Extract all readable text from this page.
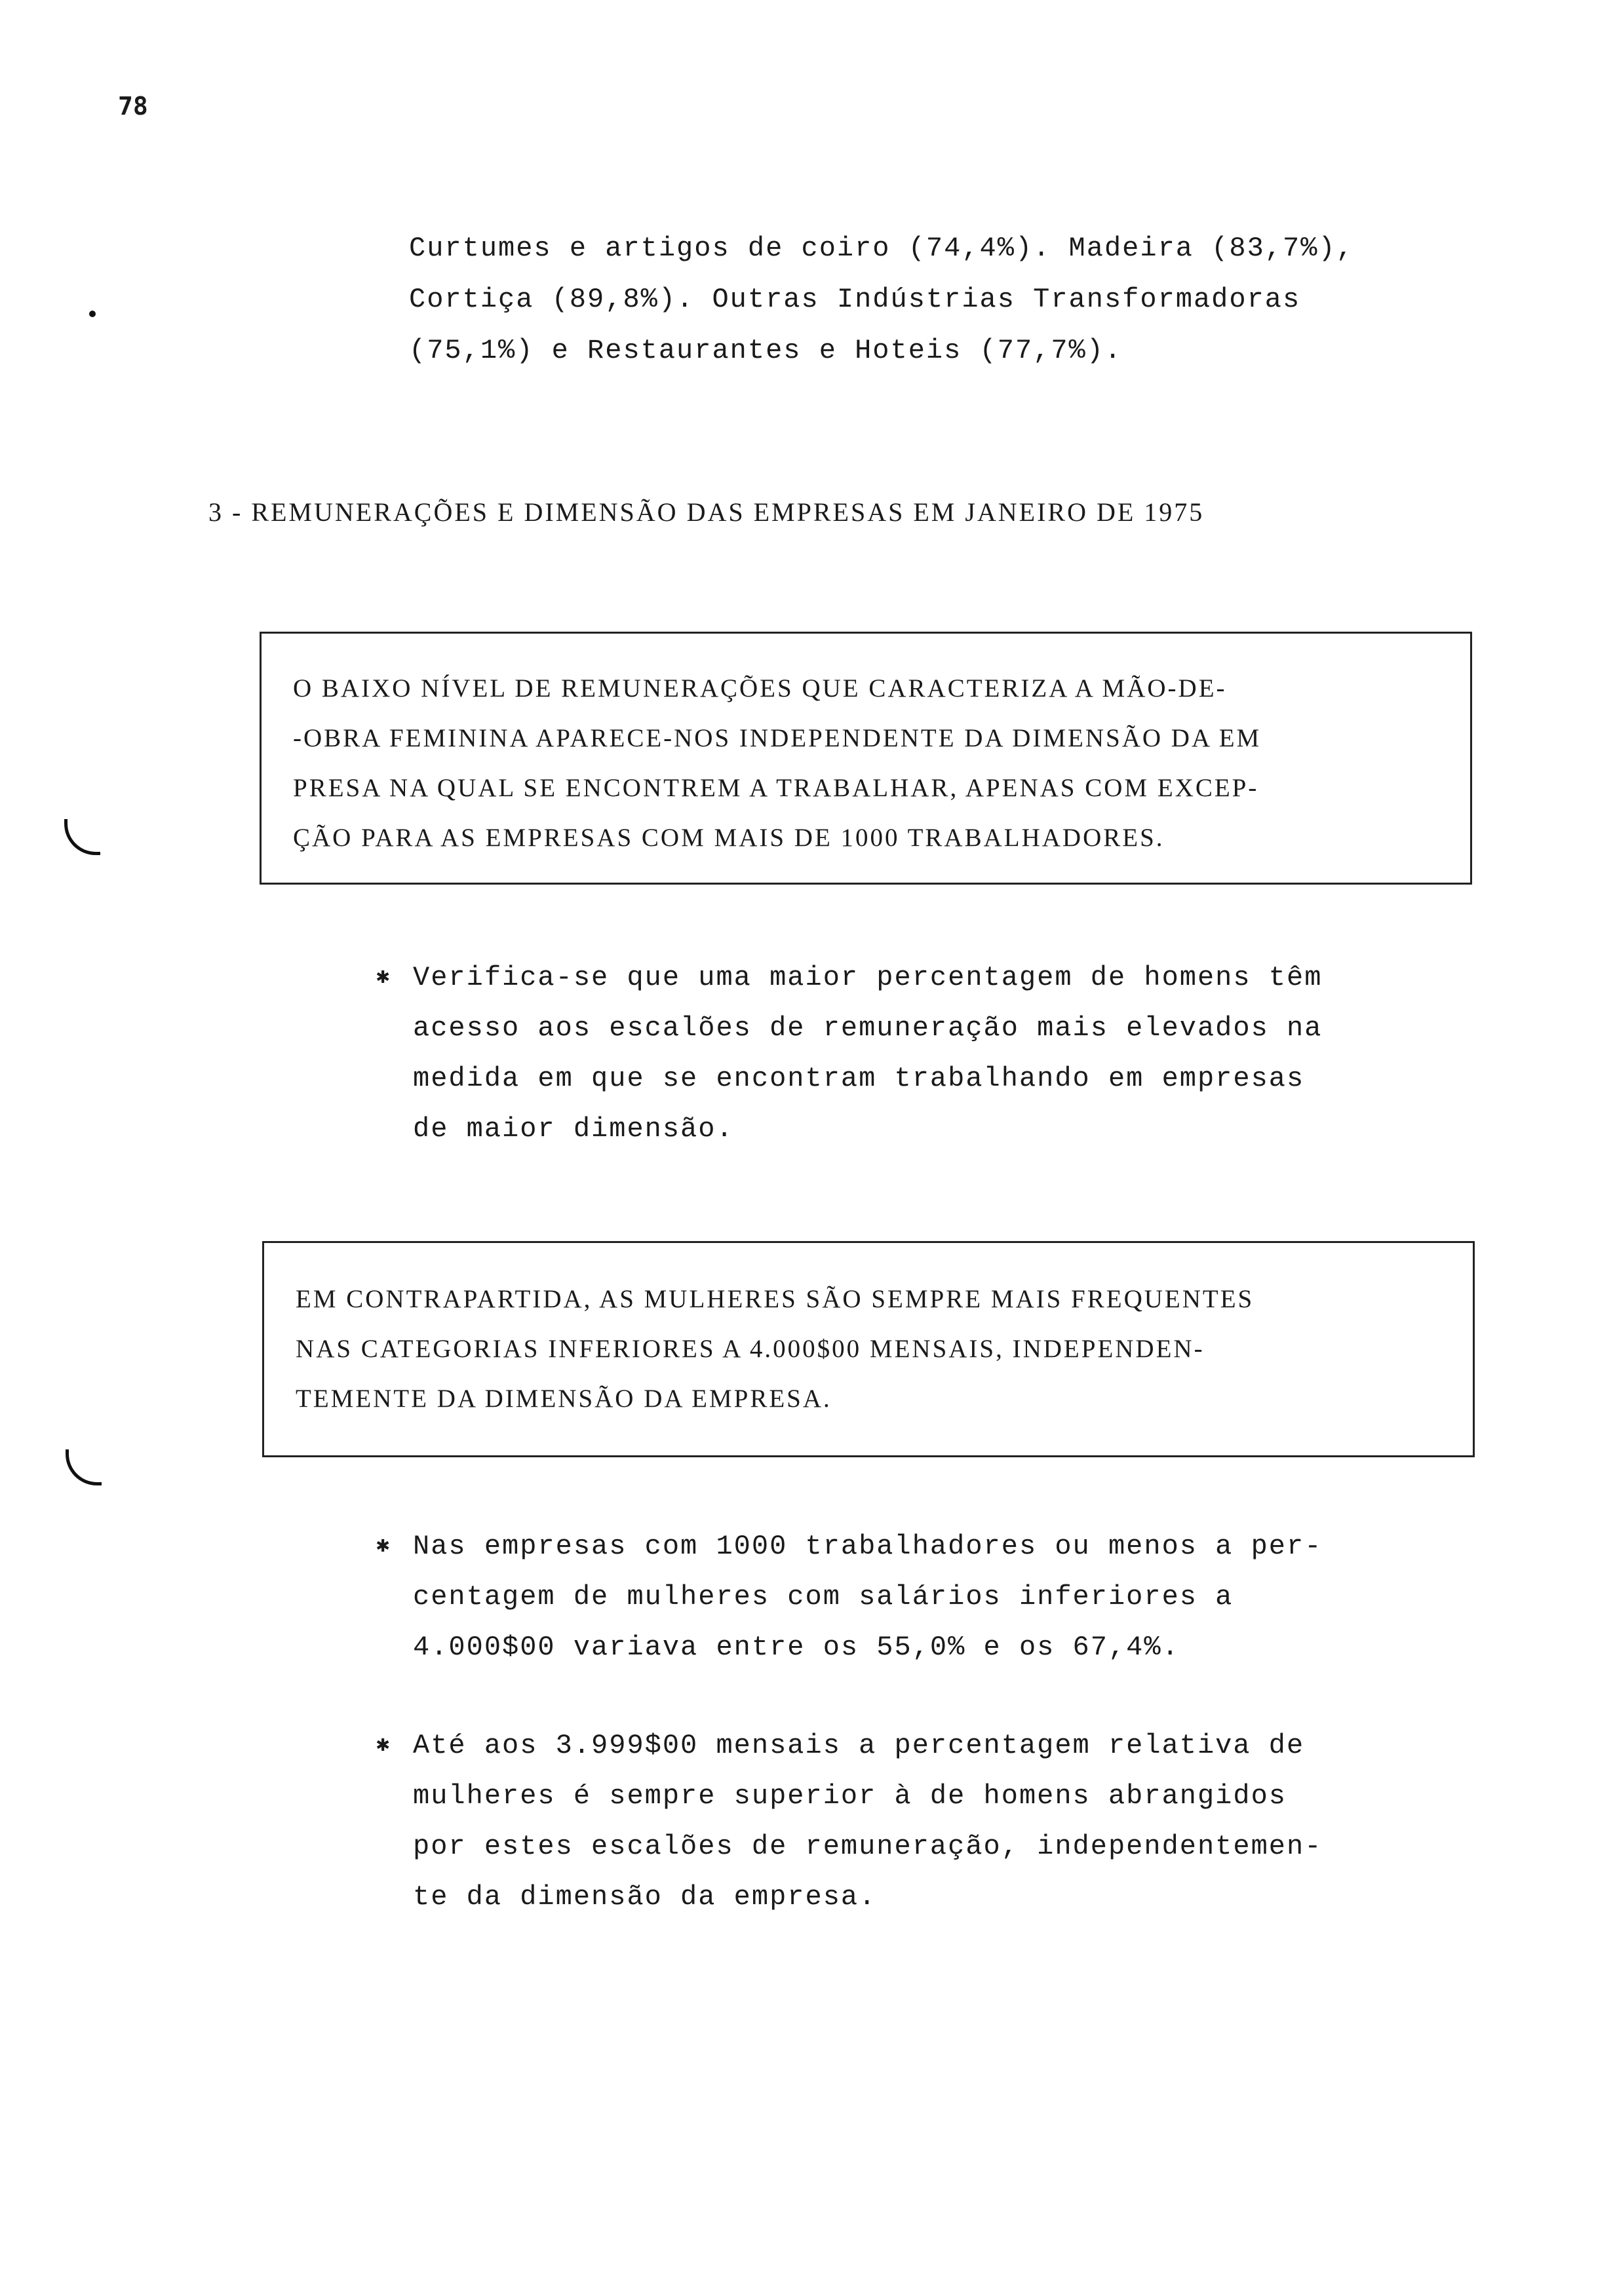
78
Curtumes e artigos de coiro (74,4%). Madeira (83,7%),
Cortiça (89,8%). Outras Indústrias Transformadoras
(75,1%) e Restaurantes e Hoteis (77,7%).
3 - REMUNERAÇÕES E DIMENSÃO DAS EMPRESAS EM JANEIRO DE 1975
O BAIXO NÍVEL DE REMUNERAÇÕES QUE CARACTERIZA A MÃO-DE-
-OBRA FEMININA APARECE-NOS INDEPENDENTE DA DIMENSÃO DA EM
PRESA NA QUAL SE ENCONTREM A TRABALHAR, APENAS COM EXCEP-
ÇÃO PARA AS EMPRESAS COM MAIS DE 1000 TRABALHADORES.
✱ Verifica-se que uma maior percentagem de homens têm
acesso aos escalões de remuneração mais elevados na
medida em que se encontram trabalhando em empresas
de maior dimensão.
EM CONTRAPARTIDA, AS MULHERES SÃO SEMPRE MAIS FREQUENTES
NAS CATEGORIAS INFERIORES A 4.000$00 MENSAIS, INDEPENDEN-
TEMENTE DA DIMENSÃO DA EMPRESA.
✱ Nas empresas com 1000 trabalhadores ou menos a per-
centagem de mulheres com salários inferiores a
4.000$00 variava entre os 55,0% e os 67,4%.
✱ Até aos 3.999$00 mensais a percentagem relativa de
mulheres é sempre superior à de homens abrangidos
por estes escalões de remuneração, independentemen-
te da dimensão da empresa.
